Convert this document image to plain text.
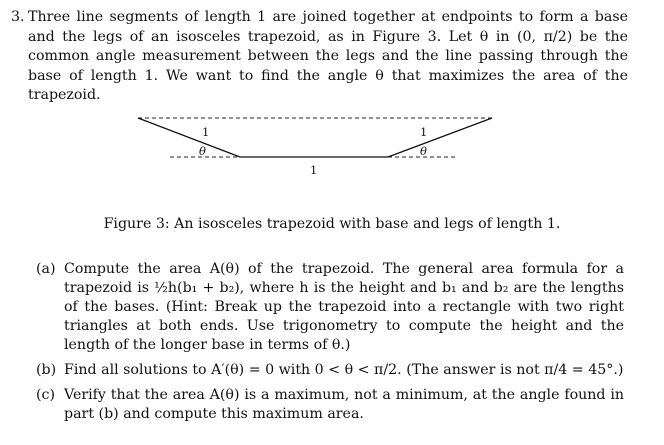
3. Three line segments of length 1 are joined together at endpoints to form a base and the legs of an isosceles trapezoid, as in Figure 3. Let θ in (0, π/2) be the common angle measurement between the legs and the line passing through the base of length 1. We want to find the angle θ that maximizes the area of the trapezoid.
1
θ
1
θ
1
Figure 3: An isosceles trapezoid with base and legs of length 1.
(a) Compute the area A(θ) of the trapezoid. The general area formula for a trapezoid is ½h(b₁ + b₂), where h is the height and b₁ and b₂ are the lengths of the bases. (Hint: Break up the trapezoid into a rectangle with two right triangles at both ends. Use trigonometry to compute the height and the length of the longer base in terms of θ.)
(b) Find all solutions to A′(θ) = 0 with 0 < θ < π/2. (The answer is not π/4 = 45°.)
(c) Verify that the area A(θ) is a maximum, not a minimum, at the angle found in part (b) and compute this maximum area.
